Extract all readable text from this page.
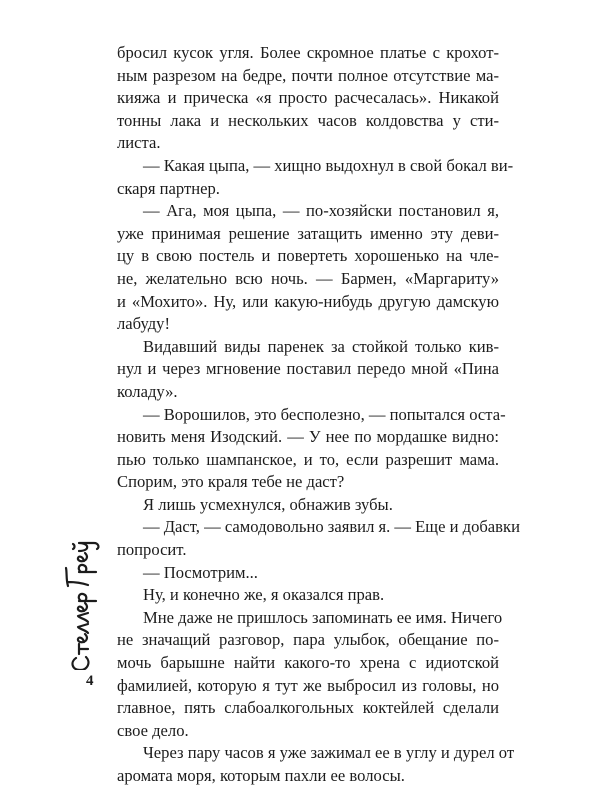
бросил кусок угля. Более скромное платье с крохот-
ным разрезом на бедре, почти полное отсутствие ма-
кияжа и прическа «я просто расчесалась». Никакой
тонны лака и нескольких часов колдовства у сти-
листа.
— Какая цыпа, — хищно выдохнул в свой бокал ви-
скаря партнер.
— Ага, моя цыпа, — по-хозяйски постановил я,
уже принимая решение затащить именно эту деви-
цу в свою постель и повертеть хорошенько на чле-
не, желательно всю ночь. — Бармен, «Маргариту»
и «Мохито». Ну, или какую-нибудь другую дамскую
лабуду!
Видавший виды паренек за стойкой только кив-
нул и через мгновение поставил передо мной «Пина
коладу».
— Ворошилов, это бесполезно, — попытался оста-
новить меня Изодский. — У нее по мордашке видно:
пью только шампанское, и то, если разрешит мама.
Спорим, это краля тебе не даст?
Я лишь усмехнулся, обнажив зубы.
— Даст, — самодовольно заявил я. — Еще и добавки
попросит.
— Посмотрим...
Ну, и конечно же, я оказался прав.
Мне даже не пришлось запоминать ее имя. Ничего
не значащий разговор, пара улыбок, обещание по-
мочь барышне найти какого-то хрена с идиотской
фамилией, которую я тут же выбросил из головы, но
главное, пять слабоалкогольных коктейлей сделали
свое дело.
Через пару часов я уже зажимал ее в углу и дурел от
аромата моря, которым пахли ее волосы.
4
